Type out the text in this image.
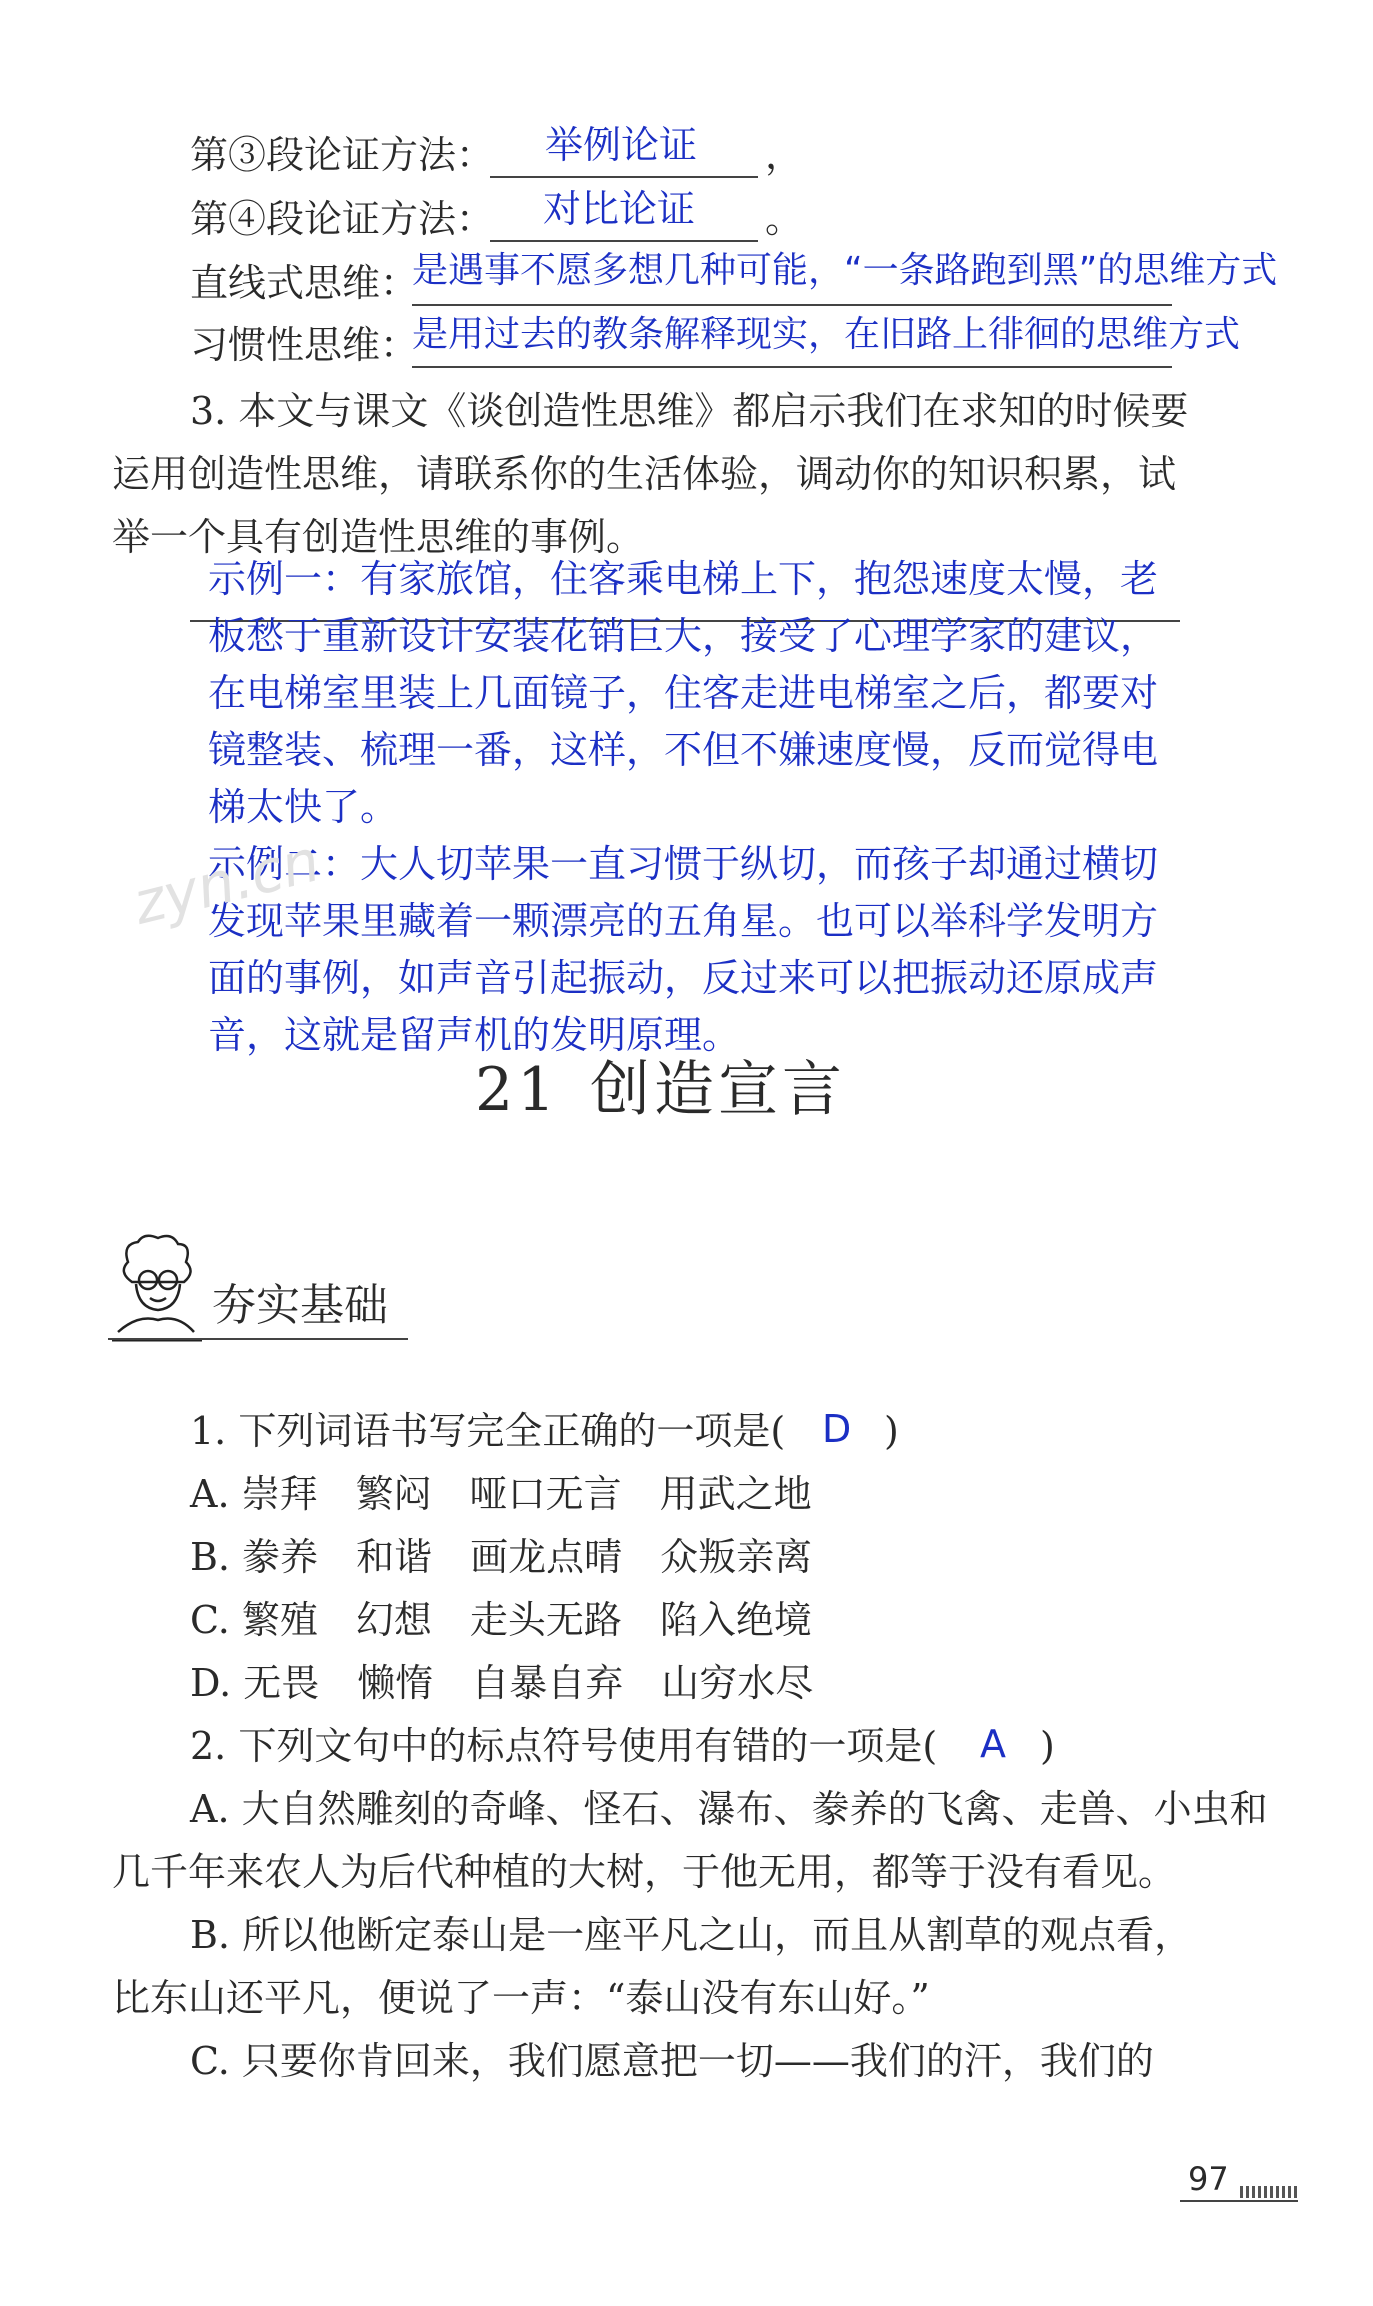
第③段论证方法： 举例论证 ，
第④段论证方法： 对比论证 。
直线式思维：
是遇事不愿多想几种可能，“一条路跑到黑”的思维方式
习惯性思维：
是用过去的教条解释现实，在旧路上徘徊的思维方式
3. 本文与课文《谈创造性思维》都启示我们在求知的时候要
运用创造性思维，请联系你的生活体验，调动你的知识积累，试
举一个具有创造性思维的事例。
示例一：有家旅馆，住客乘电梯上下，抱怨速度太慢，老
板愁于重新设计安装花销巨大，接受了心理学家的建议，
在电梯室里装上几面镜子，住客走进电梯室之后，都要对
镜整装、梳理一番，这样，不但不嫌速度慢，反而觉得电
梯太快了。
示例二：大人切苹果一直习惯于纵切，而孩子却通过横切
发现苹果里藏着一颗漂亮的五角星。也可以举科学发明方
面的事例，如声音引起振动，反过来可以把振动还原成声
音，这就是留声机的发明原理。
zyn.cn
21 创造宣言
夯实基础
1. 下列词语书写完全正确的一项是( D )
A. 崇拜　繁闷　哑口无言　用武之地
B. 豢养　和谐　画龙点晴　众叛亲离
C. 繁殖　幻想　走头无路　陷入绝境
D. 无畏　懒惰　自暴自弃　山穷水尽
2. 下列文句中的标点符号使用有错的一项是( A )
A. 大自然雕刻的奇峰、怪石、瀑布、豢养的飞禽、走兽、小虫和
几千年来农人为后代种植的大树，于他无用，都等于没有看见。
B. 所以他断定泰山是一座平凡之山，而且从割草的观点看，
比东山还平凡，便说了一声：“泰山没有东山好。”
C. 只要你肯回来，我们愿意把一切——我们的汗，我们的
97
